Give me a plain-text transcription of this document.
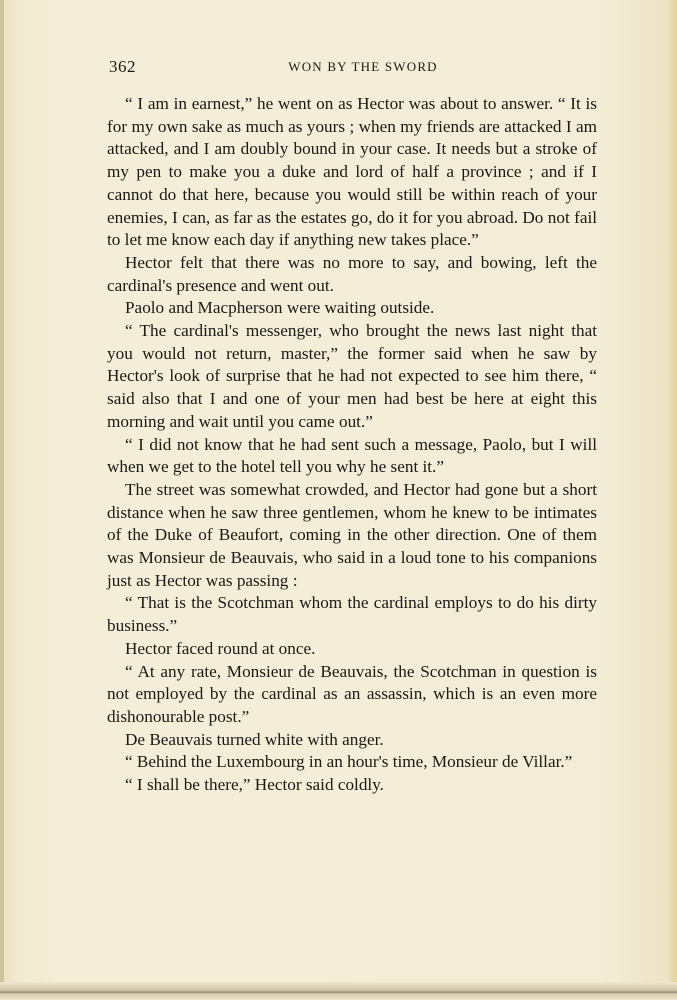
362	WON BY THE SWORD

“ I am in earnest,” he went on as Hector was about to answer. “ It is for my own sake as much as yours ; when my friends are attacked I am attacked, and I am doubly bound in your case. It needs but a stroke of my pen to make you a duke and lord of half a province ; and if I cannot do that here, because you would still be within reach of your enemies, I can, as far as the estates go, do it for you abroad. Do not fail to let me know each day if anything new takes place.”

Hector felt that there was no more to say, and bowing, left the cardinal's presence and went out.

Paolo and Macpherson were waiting outside.

“ The cardinal's messenger, who brought the news last night that you would not return, master,” the former said when he saw by Hector's look of surprise that he had not expected to see him there, “ said also that I and one of your men had best be here at eight this morning and wait until you came out.”

“ I did not know that he had sent such a message, Paolo, but I will when we get to the hotel tell you why he sent it.”

The street was somewhat crowded, and Hector had gone but a short distance when he saw three gentlemen, whom he knew to be intimates of the Duke of Beaufort, coming in the other direction. One of them was Monsieur de Beauvais, who said in a loud tone to his companions just as Hector was passing :

“ That is the Scotchman whom the cardinal employs to do his dirty business.”

Hector faced round at once.

“ At any rate, Monsieur de Beauvais, the Scotchman in question is not employed by the cardinal as an assassin, which is an even more dishonourable post.”

De Beauvais turned white with anger.

“ Behind the Luxembourg in an hour's time, Monsieur de Villar.”

“ I shall be there,” Hector said coldly.
